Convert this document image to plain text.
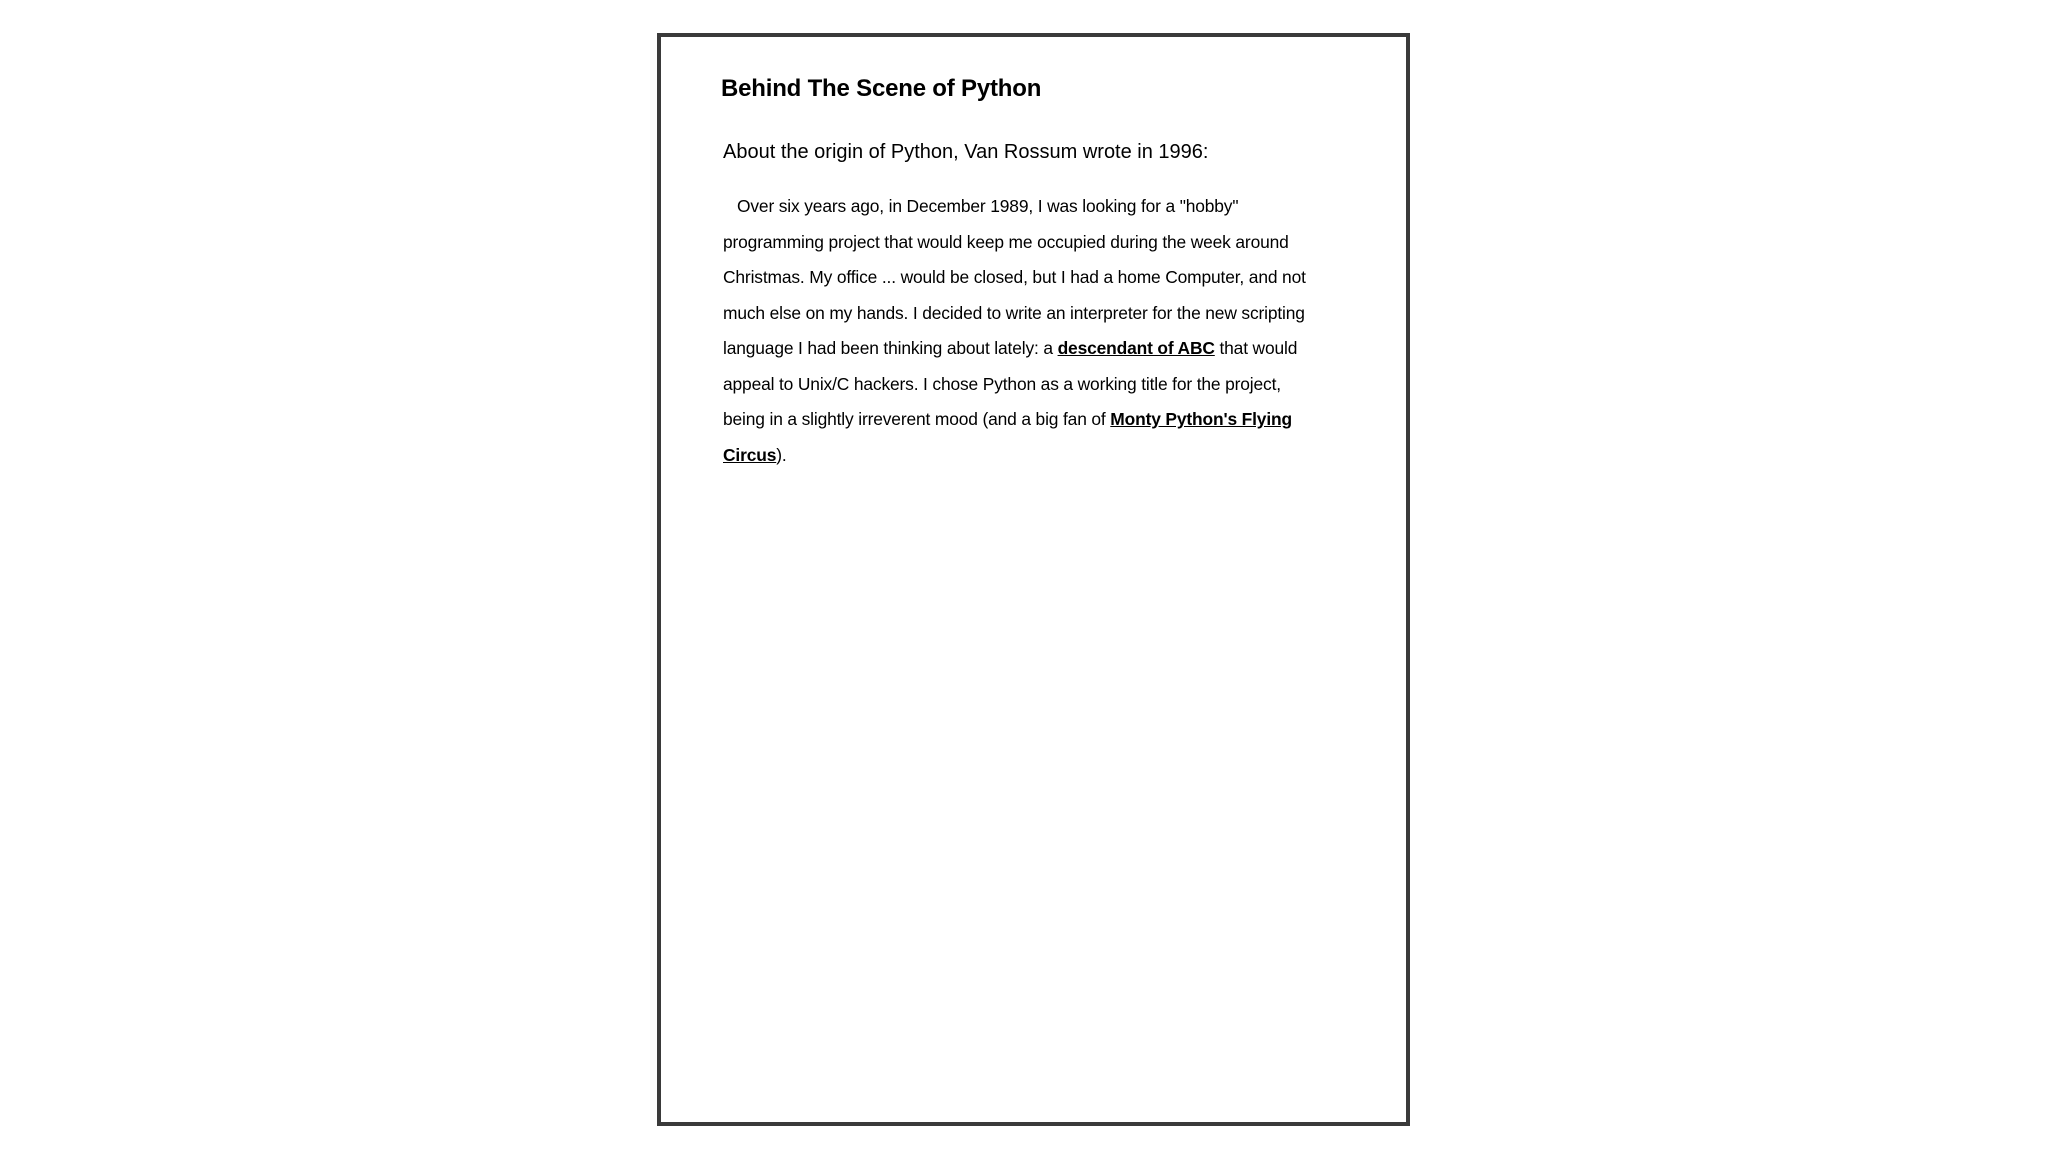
Behind The Scene of Python

About the origin of Python, Van Rossum wrote in 1996:

Over six years ago, in December 1989, I was looking for a "hobby"
programming project that would keep me occupied during the week around
Christmas. My office ... would be closed, but I had a home Computer, and not
much else on my hands. I decided to write an interpreter for the new scripting
language I had been thinking about lately: a descendant of ABC that would
appeal to Unix/C hackers. I chose Python as a working title for the project,
being in a slightly irreverent mood (and a big fan of Monty Python's Flying
Circus).
